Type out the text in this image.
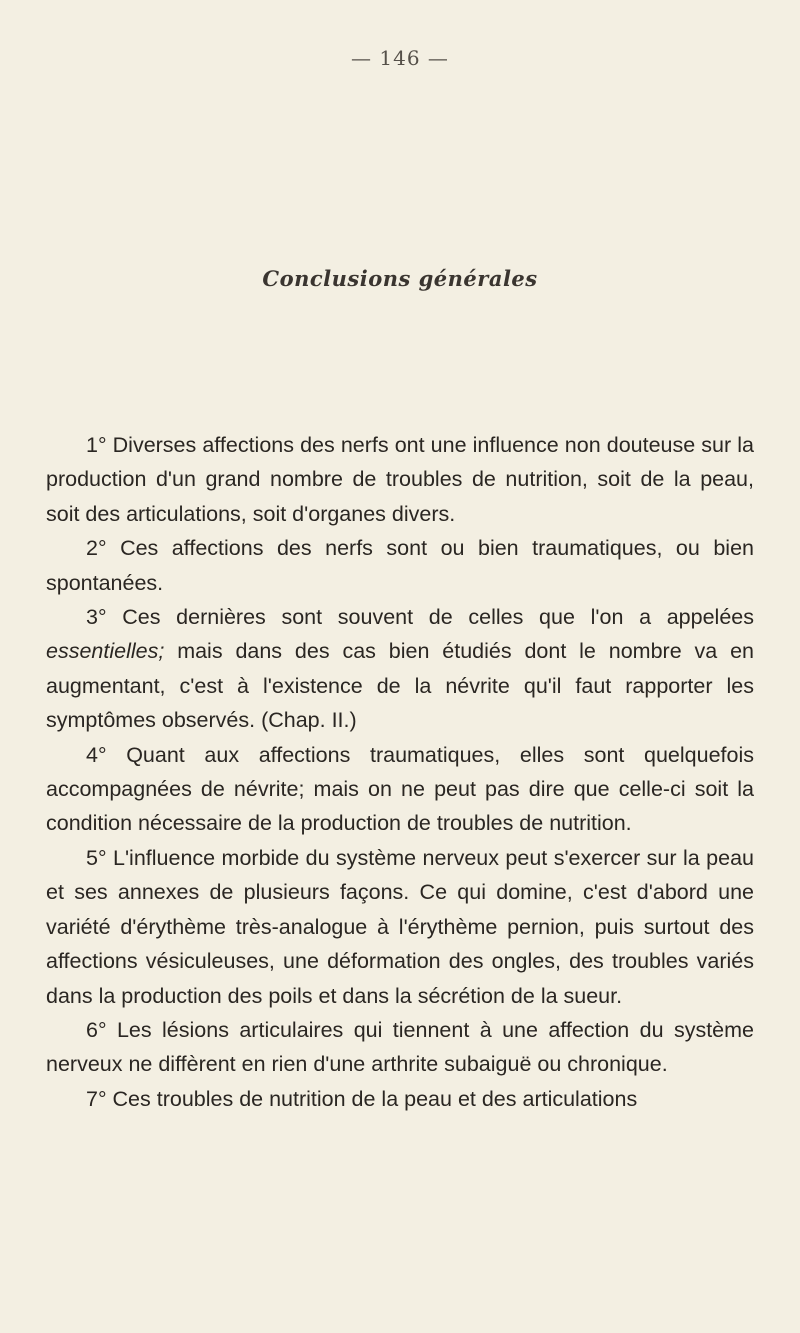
— 146 —
Conclusions générales

1° Diverses affections des nerfs ont une influence non douteuse sur la production d'un grand nombre de troubles de nutrition, soit de la peau, soit des articulations, soit d'organes divers.

2° Ces affections des nerfs sont ou bien traumatiques, ou bien spontanées.

3° Ces dernières sont souvent de celles que l'on a appelées essentielles; mais dans des cas bien étudiés dont le nombre va en augmentant, c'est à l'existence de la névrite qu'il faut rapporter les symptômes observés. (Chap. II.)

4° Quant aux affections traumatiques, elles sont quelquefois accompagnées de névrite; mais on ne peut pas dire que celle-ci soit la condition nécessaire de la production de troubles de nutrition.

5° L'influence morbide du système nerveux peut s'exercer sur la peau et ses annexes de plusieurs façons. Ce qui domine, c'est d'abord une variété d'érythème très-analogue à l'érythème pernion, puis surtout des affections vésiculeuses, une déformation des ongles, des troubles variés dans la production des poils et dans la sécrétion de la sueur.

6° Les lésions articulaires qui tiennent à une affection du système nerveux ne diffèrent en rien d'une arthrite subaiguë ou chronique.

7° Ces troubles de nutrition de la peau et des articulations
